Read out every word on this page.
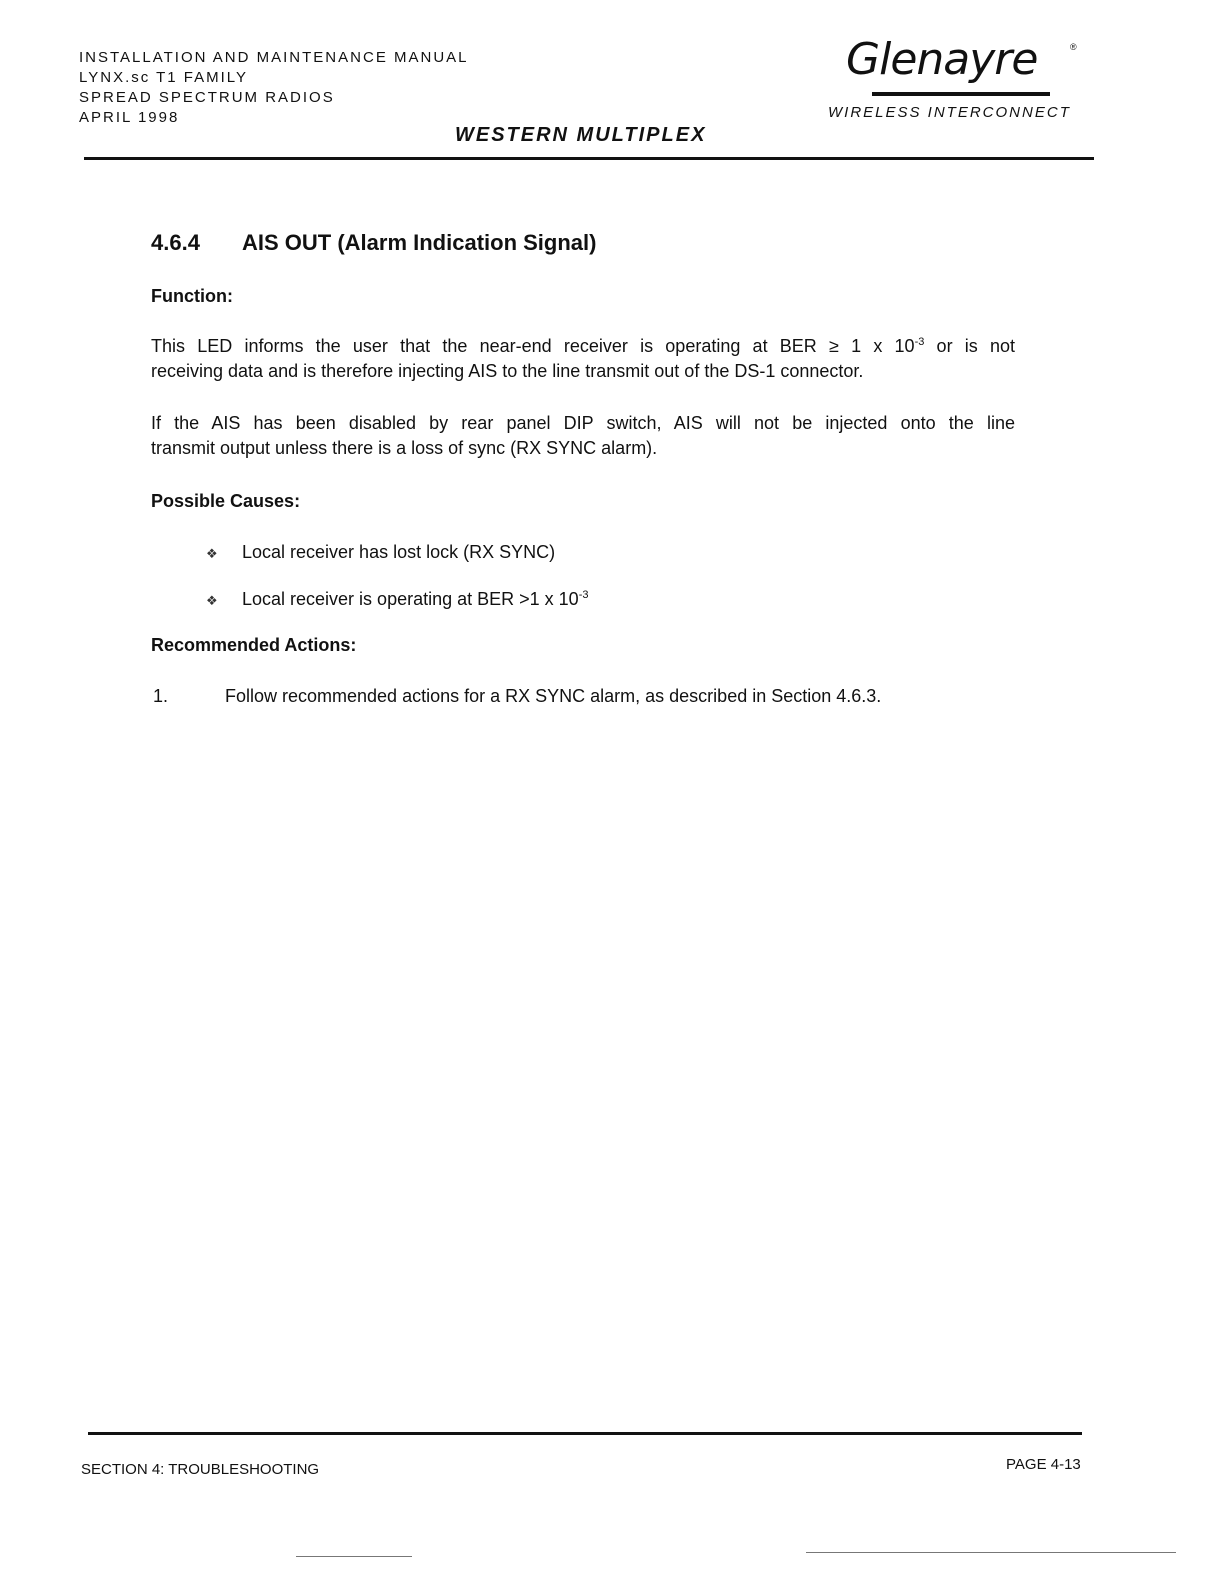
INSTALLATION AND MAINTENANCE MANUAL
LYNX.sc T1 FAMILY
SPREAD SPECTRUM RADIOS
APRIL 1998
Glenayre	®
WIRELESS INTERCONNECT
WESTERN MULTIPLEX
4.6.4 AIS OUT (Alarm Indication Signal)
Function:
This LED informs the user that the near-end receiver is operating at BER ≥ 1 x $10^{-3}$ or is not
receiving data and is therefore injecting AIS to the line transmit out of the DS-1 connector.
If the AIS has been disabled by rear panel DIP switch, AIS will not be injected onto the line
transmit output unless there is a loss of sync (RX SYNC alarm).
Possible Causes:
❖ Local receiver has lost lock (RX SYNC)
❖ Local receiver is operating at BER >1 x $10^{-3}$
Recommended Actions:
1.	Follow recommended actions for a RX SYNC alarm, as described in Section 4.6.3.
SECTION 4: TROUBLESHOOTING	PAGE 4-13
